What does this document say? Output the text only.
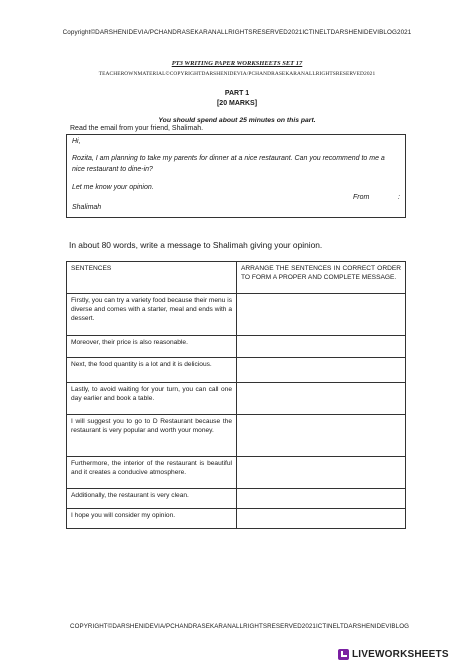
Copyright©DARSHENIDEVIA/PCHANDRASEKARANALLRIGHTSRESERVED2021ICTINELTDARSHENIDEVIBLOG2021
PT3 WRITING PAPER WORKSHEETS SET 17
TEACHEROWNMATERIAL©COPYRIGHTDARSHENIDEVIA/PCHANDRASEKARANALLRIGHTSRESERVED2021
PART 1
[20 MARKS]
You should spend about 25 minutes on this part.
Read the email from your friend, Shalimah.
Hi,
Rozita, I am planning to take my parents for dinner at a nice restaurant. Can you recommend to me a
nice restaurant to dine-in?
Let me know your opinion.
From	:
Shalimah
In about 80 words, write a message to Shalimah giving your opinion.
SENTENCES	ARRANGE THE SENTENCES IN CORRECT ORDER TO FORM A PROPER AND COMPLETE MESSAGE.
Firstly, you can try a variety food because their menu is diverse and comes with a starter, meal and ends with a dessert.	
Moreover, their price is also reasonable.	
Next, the food quantity is a lot and it is delicious.	
Lastly, to avoid waiting for your turn, you can call one day earlier and book a table.	
I will suggest you to go to D Restaurant because the restaurant is very popular and worth your money.	
Furthermore, the interior of the restaurant is beautiful and it creates a conducive atmosphere.	
Additionally, the restaurant is very clean.	
I hope you will consider my opinion.	
COPYRIGHT©DARSHENIDEVIA/PCHANDRASEKARANALLRIGHTSRESERVED2021ICTINELTDARSHENIDEVIBLOG
LIVEWORKSHEETS
